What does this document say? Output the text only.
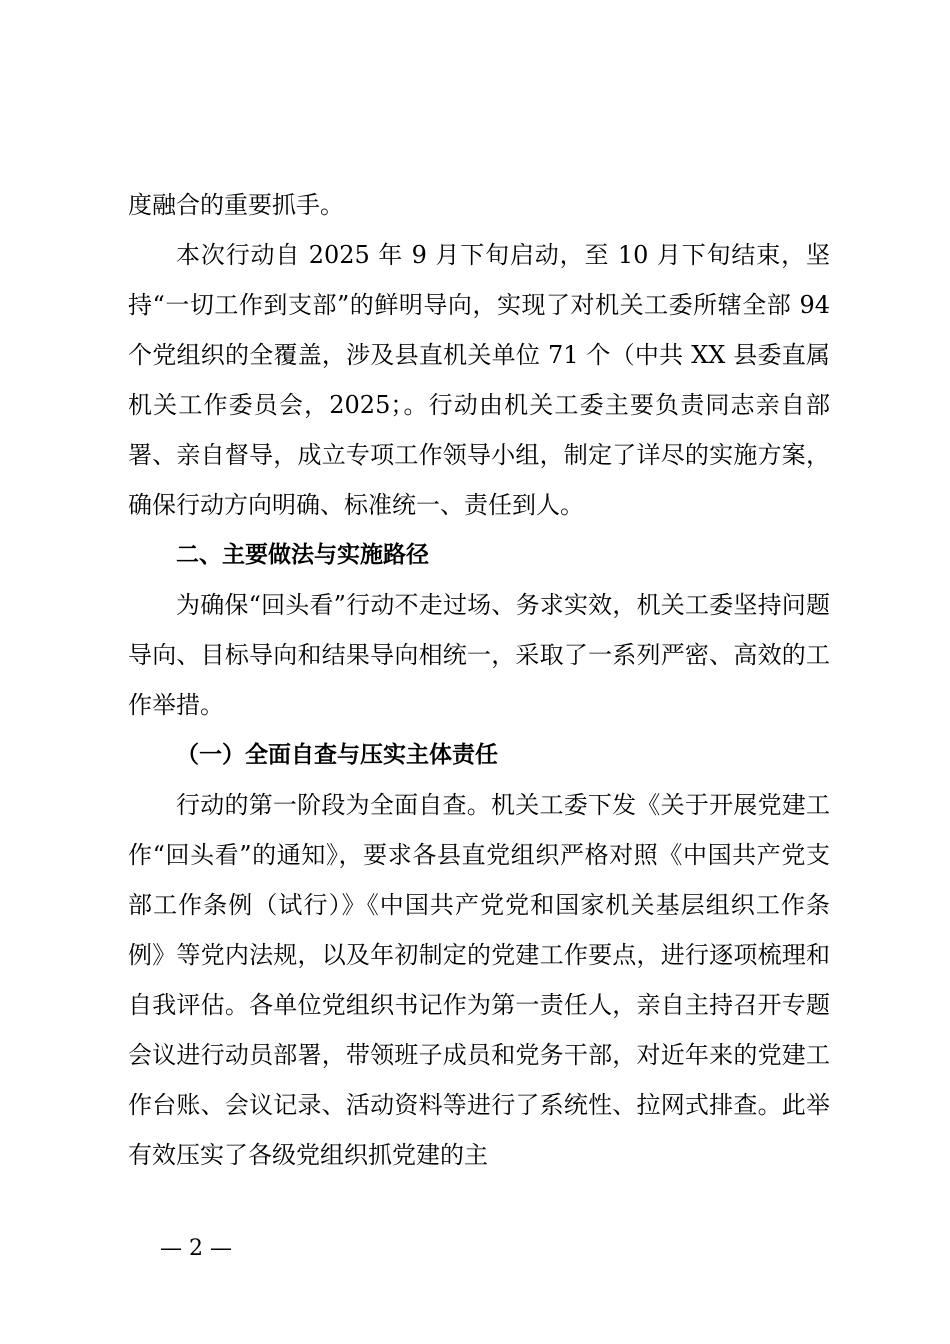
度融合的重要抓手。

本次行动自 2025 年 9 月下旬启动，至 10 月下旬结束，坚持“一切工作到支部”的鲜明导向，实现了对机关工委所辖全部 94 个党组织的全覆盖，涉及县直机关单位 71 个（中共 XX 县委直属机关工作委员会，2025；。行动由机关工委主要负责同志亲自部署、亲自督导，成立专项工作领导小组，制定了详尽的实施方案，确保行动方向明确、标准统一、责任到人。

二、主要做法与实施路径

为确保“回头看”行动不走过场、务求实效，机关工委坚持问题导向、目标导向和结果导向相统一，采取了一系列严密、高效的工作举措。

（一）全面自查与压实主体责任

行动的第一阶段为全面自查。机关工委下发《关于开展党建工作“回头看”的通知》，要求各县直党组织严格对照《中国共产党支部工作条例（试行）》《中国共产党党和国家机关基层组织工作条例》等党内法规，以及年初制定的党建工作要点，进行逐项梳理和自我评估。各单位党组织书记作为第一责任人，亲自主持召开专题会议进行动员部署，带领班子成员和党务干部，对近年来的党建工作台账、会议记录、活动资料等进行了系统性、拉网式排查。此举有效压实了各级党组织抓党建的主

— 2 —
